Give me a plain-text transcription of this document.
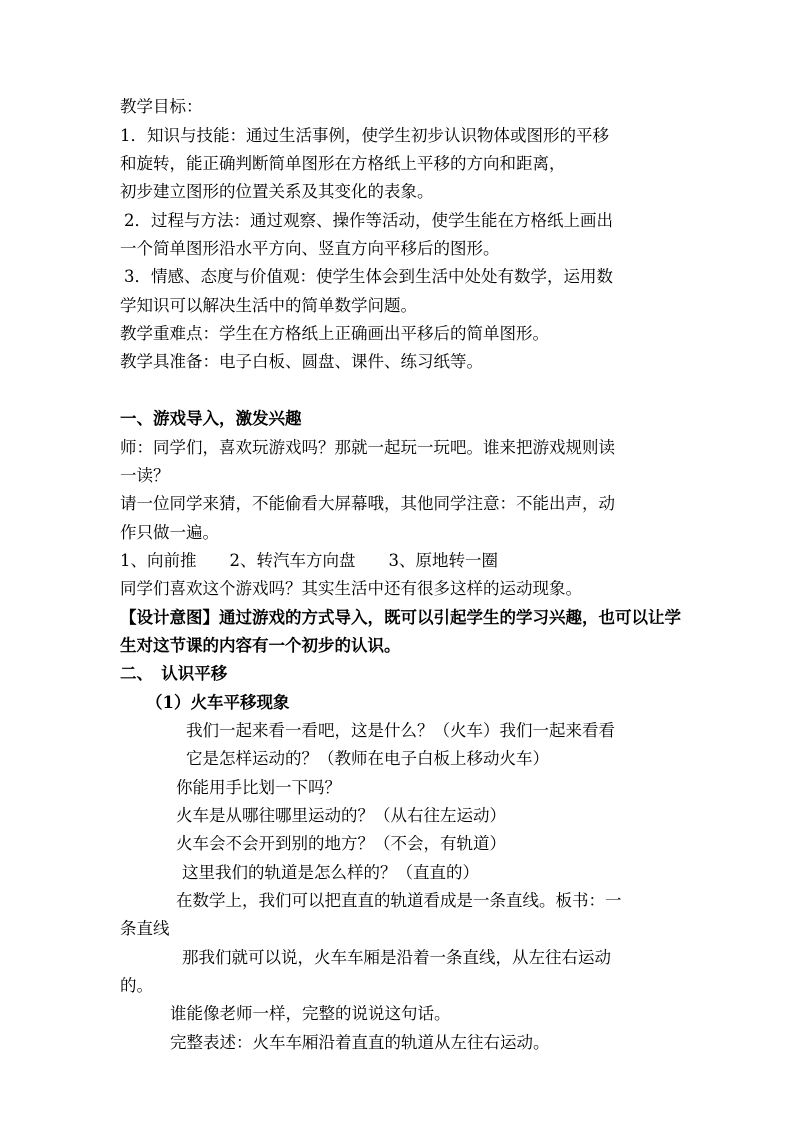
教学目标：
1．知识与技能：通过生活事例，使学生初步认识物体或图形的平移
和旋转，能正确判断简单图形在方格纸上平移的方向和距离，
初步建立图形的位置关系及其变化的表象。
2．过程与方法：通过观察、操作等活动，使学生能在方格纸上画出
一个简单图形沿水平方向、竖直方向平移后的图形。
3．情感、态度与价值观：使学生体会到生活中处处有数学，运用数
学知识可以解决生活中的简单数学问题。
教学重难点：学生在方格纸上正确画出平移后的简单图形。
教学具准备：电子白板、圆盘、课件、练习纸等。
一、游戏导入，激发兴趣
师：同学们，喜欢玩游戏吗？那就一起玩一玩吧。谁来把游戏规则读
一读？
请一位同学来猜，不能偷看大屏幕哦，其他同学注意：不能出声，动
作只做一遍。
1、向前推　　2、转汽车方向盘　　3、原地转一圈
同学们喜欢这个游戏吗？其实生活中还有很多这样的运动现象。
【设计意图】通过游戏的方式导入，既可以引起学生的学习兴趣，也可以让学
生对这节课的内容有一个初步的认识。
二、　认识平移
（1）火车平移现象
我们一起来看一看吧，这是什么？（火车）我们一起来看看
它是怎样运动的？（教师在电子白板上移动火车）
你能用手比划一下吗？
火车是从哪往哪里运动的？（从右往左运动）
火车会不会开到别的地方？（不会，有轨道）
这里我们的轨道是怎么样的？（直直的）
在数学上，我们可以把直直的轨道看成是一条直线。板书：一
条直线
那我们就可以说，火车车厢是沿着一条直线，从左往右运动
的。
谁能像老师一样，完整的说说这句话。
完整表述：火车车厢沿着直直的轨道从左往右运动。
